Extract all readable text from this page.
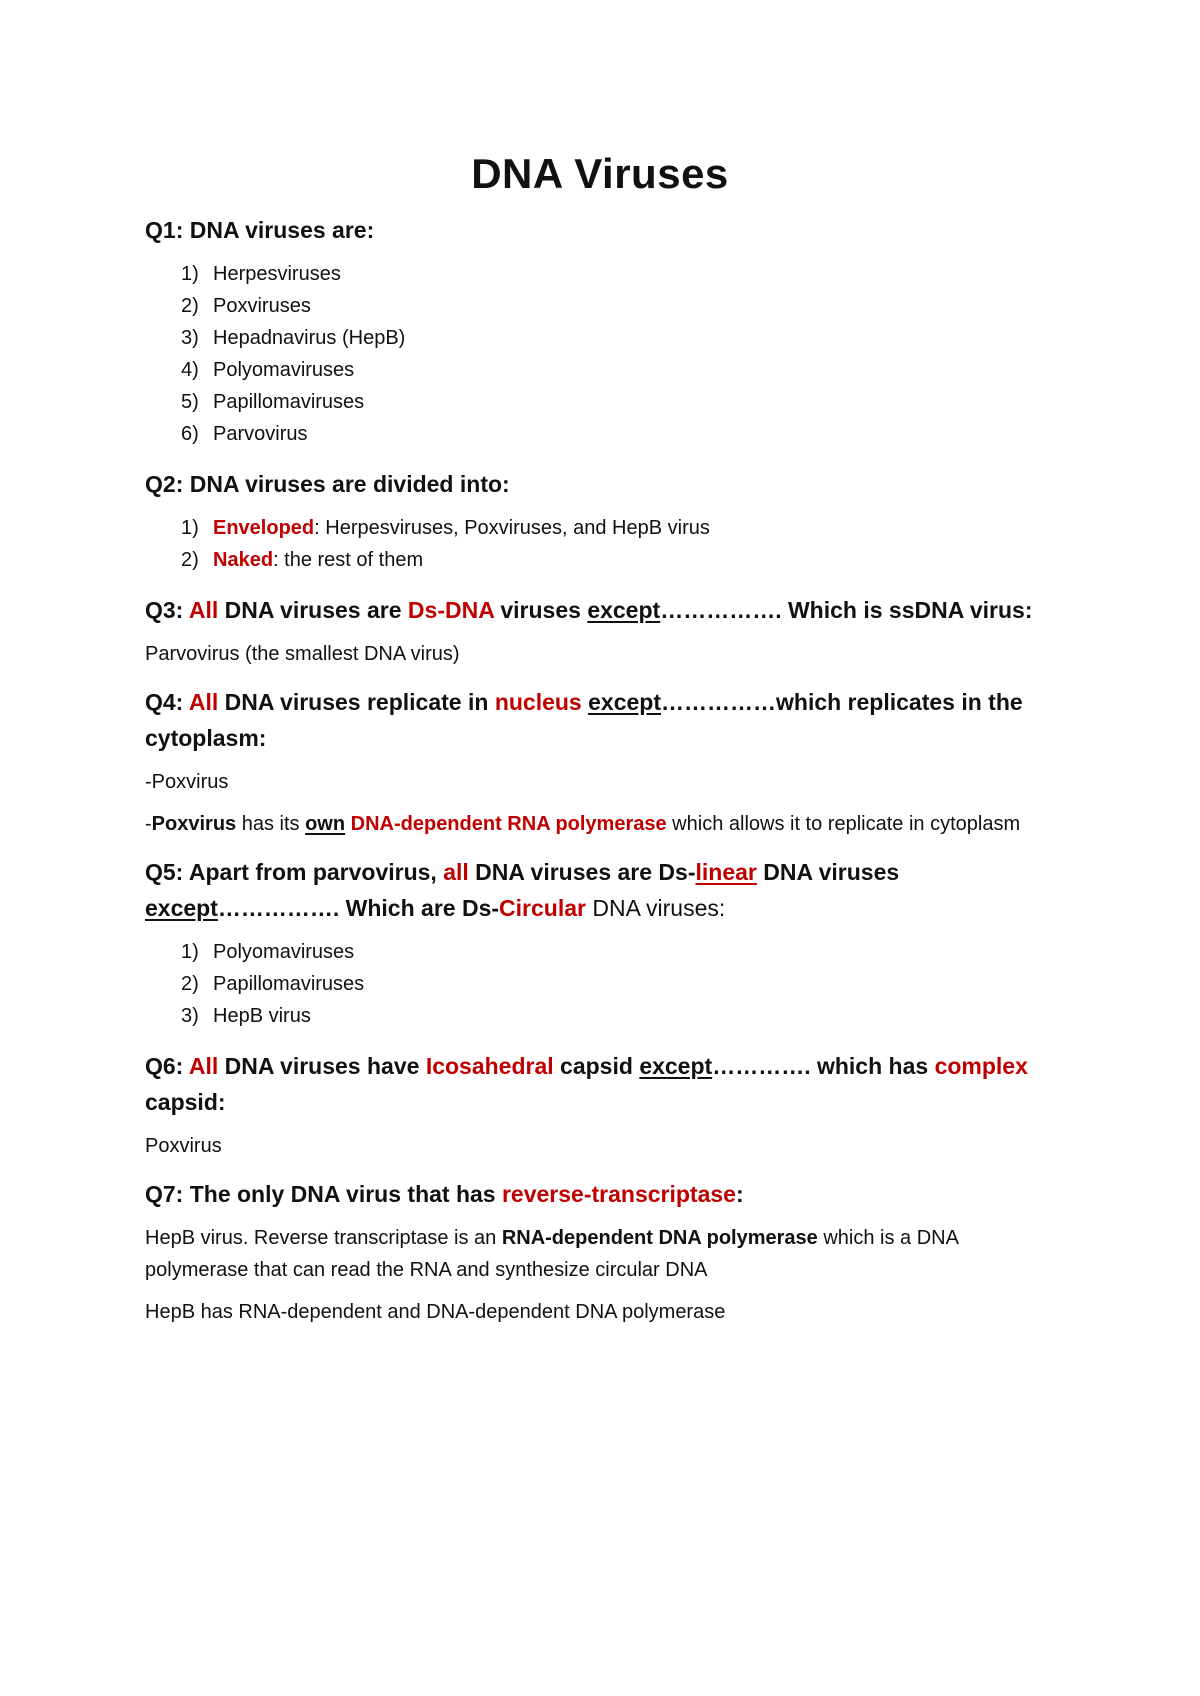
DNA Viruses

Q1: DNA viruses are:

1) Herpesviruses
2) Poxviruses
3) Hepadnavirus (HepB)
4) Polyomaviruses
5) Papillomaviruses
6) Parvovirus

Q2: DNA viruses are divided into:

1) Enveloped: Herpesviruses, Poxviruses, and HepB virus
2) Naked: the rest of them

Q3: All DNA viruses are Ds-DNA viruses except……………. Which is ssDNA virus:

Parvovirus (the smallest DNA virus)

Q4: All DNA viruses replicate in nucleus except……………which replicates in the cytoplasm:

-Poxvirus

-Poxvirus has its own DNA-dependent RNA polymerase which allows it to replicate in cytoplasm

Q5: Apart from parvovirus, all DNA viruses are Ds-linear DNA viruses except……………. Which are Ds-Circular DNA viruses:

1) Polyomaviruses
2) Papillomaviruses
3) HepB virus

Q6: All DNA viruses have Icosahedral capsid except…………. which has complex capsid:

Poxvirus

Q7: The only DNA virus that has reverse-transcriptase:

HepB virus. Reverse transcriptase is an RNA-dependent DNA polymerase which is a DNA polymerase that can read the RNA and synthesize circular DNA

HepB has RNA-dependent and DNA-dependent DNA polymerase
